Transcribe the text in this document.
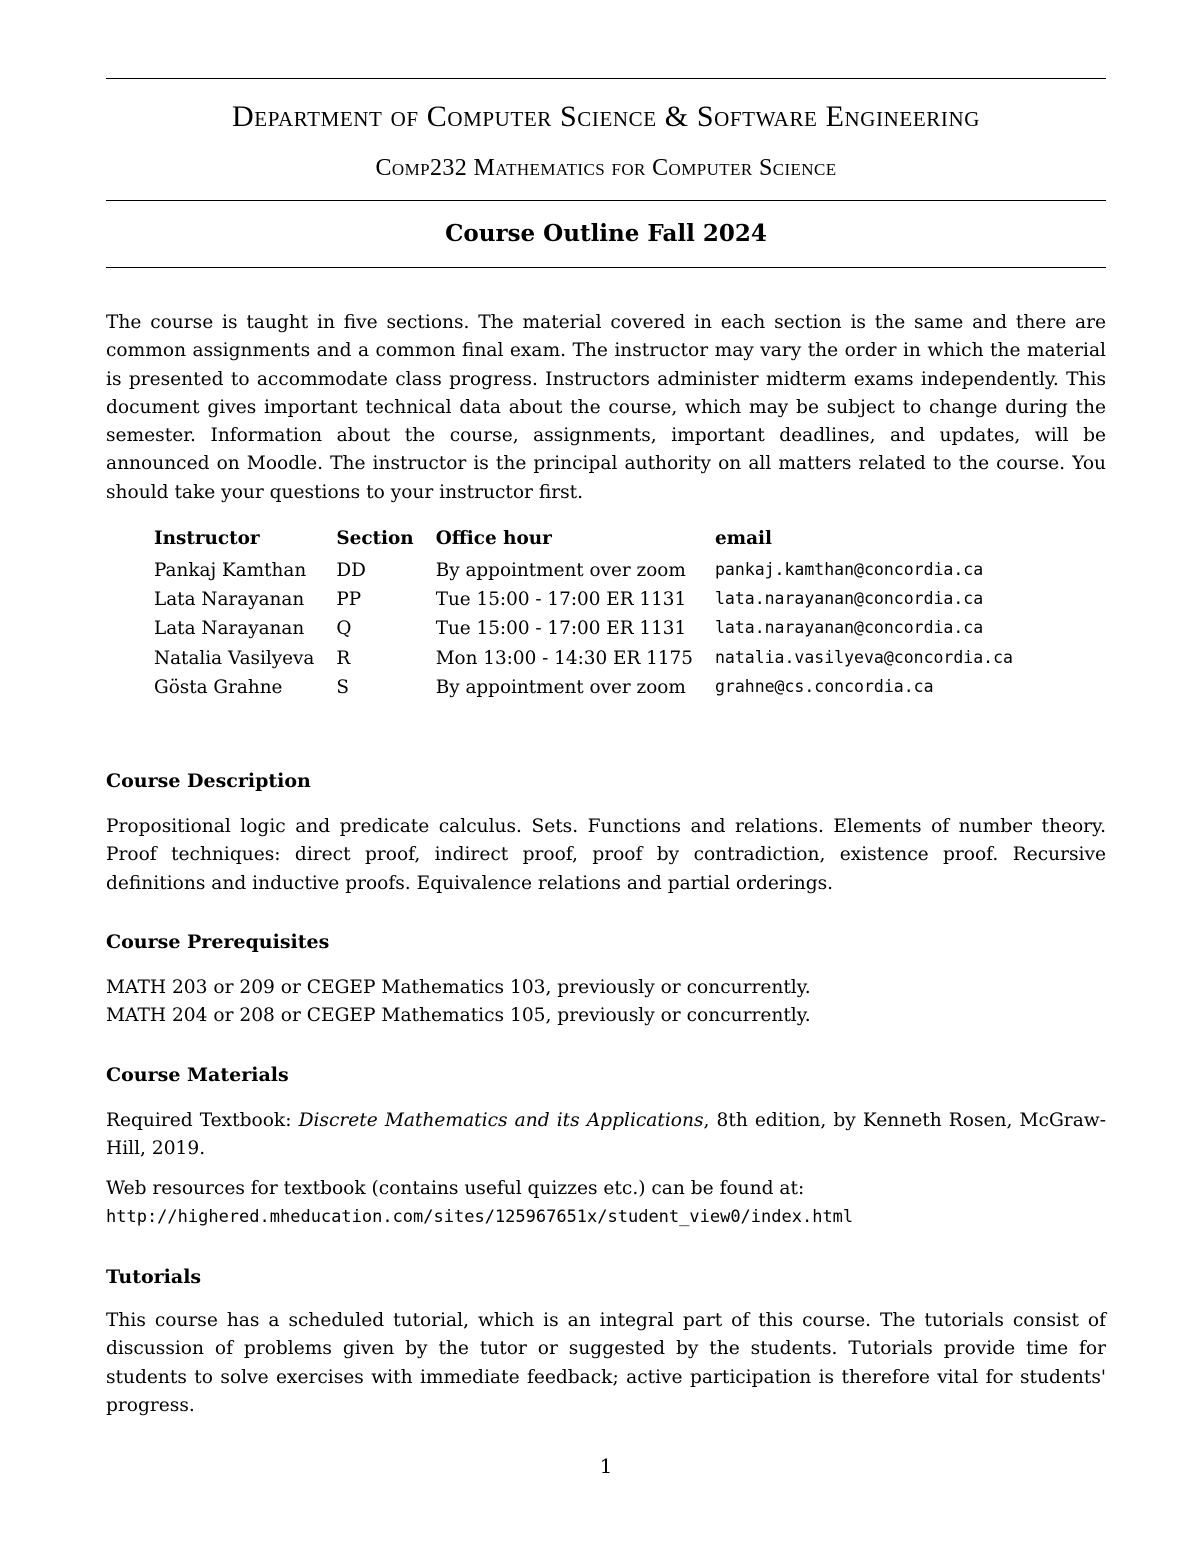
Department of Computer Science & Software Engineering
Comp232 Mathematics for Computer Science
Course Outline Fall 2024

The course is taught in five sections. The material covered in each section is the same and there are common assignments and a common final exam. The instructor may vary the order in which the material is presented to accommodate class progress. Instructors administer midterm exams independently. This document gives important technical data about the course, which may be subject to change during the semester. Information about the course, assignments, important deadlines, and updates, will be announced on Moodle. The instructor is the principal authority on all matters related to the course. You should take your questions to your instructor first.

Instructor	Section	Office hour	email
Pankaj Kamthan	DD	By appointment over zoom	pankaj.kamthan@concordia.ca
Lata Narayanan	PP	Tue 15:00 - 17:00 ER 1131	lata.narayanan@concordia.ca
Lata Narayanan	Q	Tue 15:00 - 17:00 ER 1131	lata.narayanan@concordia.ca
Natalia Vasilyeva	R	Mon 13:00 - 14:30 ER 1175	natalia.vasilyeva@concordia.ca
Gösta Grahne	S	By appointment over zoom	grahne@cs.concordia.ca
Course Description

Propositional logic and predicate calculus. Sets. Functions and relations. Elements of number theory. Proof techniques: direct proof, indirect proof, proof by contradiction, existence proof. Recursive definitions and inductive proofs. Equivalence relations and partial orderings.

Course Prerequisites

MATH 203 or 209 or CEGEP Mathematics 103, previously or concurrently.

MATH 204 or 208 or CEGEP Mathematics 105, previously or concurrently.

Course Materials

Required Textbook: Discrete Mathematics and its Applications, 8th edition, by Kenneth Rosen, McGraw-Hill, 2019.

Web resources for textbook (contains useful quizzes etc.) can be found at:

http://highered.mheducation.com/sites/125967651x/student_view0/index.html

Tutorials

This course has a scheduled tutorial, which is an integral part of this course. The tutorials consist of discussion of problems given by the tutor or suggested by the students. Tutorials provide time for students to solve exercises with immediate feedback; active participation is therefore vital for students' progress.

1
